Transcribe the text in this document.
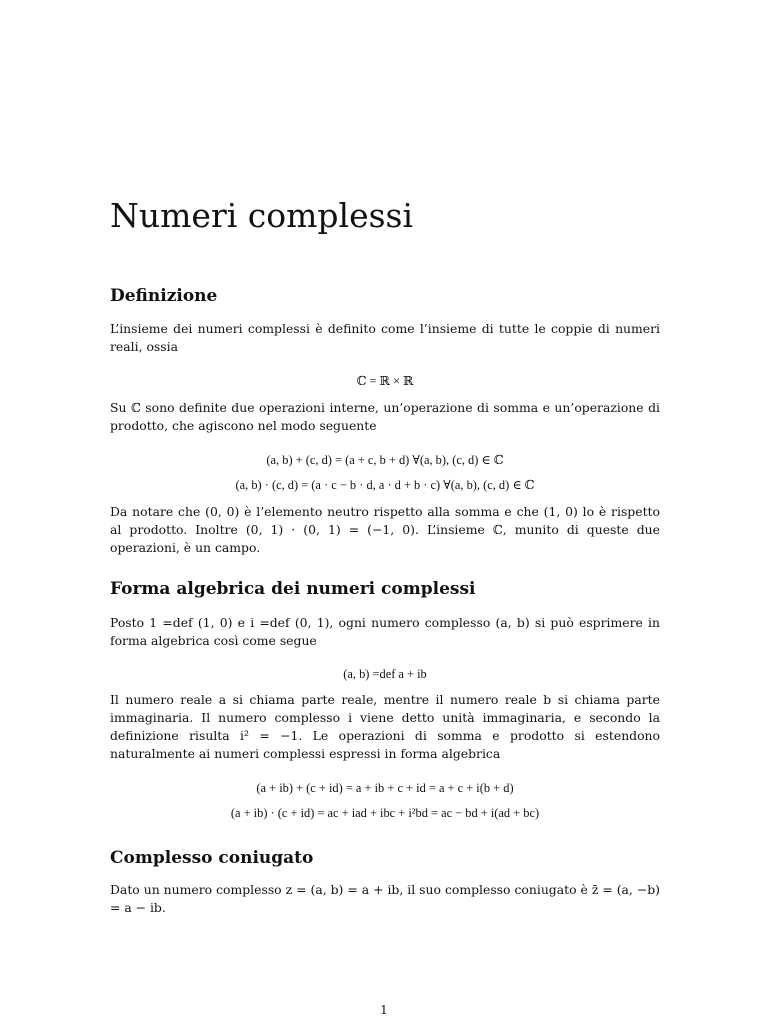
Numeri complessi
Definizione

L’insieme dei numeri complessi è definito come l’insieme di tutte le coppie di numeri reali, ossia

ℂ = ℝ × ℝ

Su ℂ sono definite due operazioni interne, un’operazione di somma e un’operazione di prodotto, che agiscono nel modo seguente

(a, b) + (c, d) = (a + c, b + d) ∀(a, b), (c, d) ∈ ℂ
(a, b) · (c, d) = (a · c − b · d, a · d + b · c) ∀(a, b), (c, d) ∈ ℂ

Da notare che (0, 0) è l’elemento neutro rispetto alla somma e che (1, 0) lo è rispetto al prodotto. Inoltre (0, 1) · (0, 1) = (−1, 0). L’insieme ℂ, munito di queste due operazioni, è un campo.

Forma algebrica dei numeri complessi

Posto 1 =def (1, 0) e i =def (0, 1), ogni numero complesso (a, b) si può esprimere in forma algebrica così come segue

(a, b) =def a + ib

Il numero reale a si chiama parte reale, mentre il numero reale b si chiama parte immaginaria. Il numero complesso i viene detto unità immaginaria, e secondo la definizione risulta i² = −1. Le operazioni di somma e prodotto si estendono naturalmente ai numeri complessi espressi in forma algebrica

(a + ib) + (c + id) = a + ib + c + id = a + c + i(b + d)
(a + ib) · (c + id) = ac + iad + ibc + i²bd = ac − bd + i(ad + bc)
Complesso coniugato

Dato un numero complesso z = (a, b) = a + ib, il suo complesso coniugato è z̄ = (a, −b) = a − ib.

1
